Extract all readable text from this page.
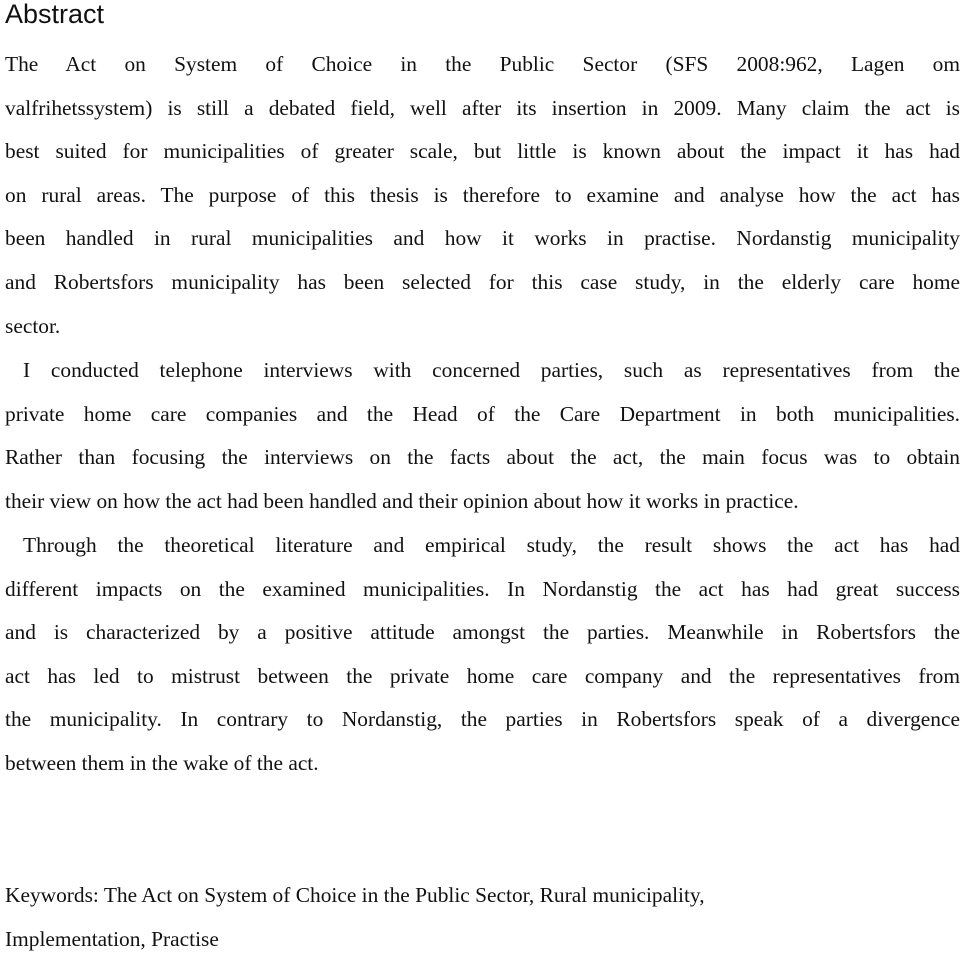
Abstract
The Act on System of Choice in the Public Sector (SFS 2008:962, Lagen om
valfrihetssystem) is still a debated field, well after its insertion in 2009. Many claim the act is
best suited for municipalities of greater scale, but little is known about the impact it has had
on rural areas. The purpose of this thesis is therefore to examine and analyse how the act has
been handled in rural municipalities and how it works in practise. Nordanstig municipality
and Robertsfors municipality has been selected for this case study, in the elderly care home
sector.
I conducted telephone interviews with concerned parties, such as representatives from the
private home care companies and the Head of the Care Department in both municipalities.
Rather than focusing the interviews on the facts about the act, the main focus was to obtain
their view on how the act had been handled and their opinion about how it works in practice.
Through the theoretical literature and empirical study, the result shows the act has had
different impacts on the examined municipalities. In Nordanstig the act has had great success
and is characterized by a positive attitude amongst the parties. Meanwhile in Robertsfors the
act has led to mistrust between the private home care company and the representatives from
the municipality. In contrary to Nordanstig, the parties in Robertsfors speak of a divergence
between them in the wake of the act.
Keywords: The Act on System of Choice in the Public Sector, Rural municipality,
Implementation, Practise
